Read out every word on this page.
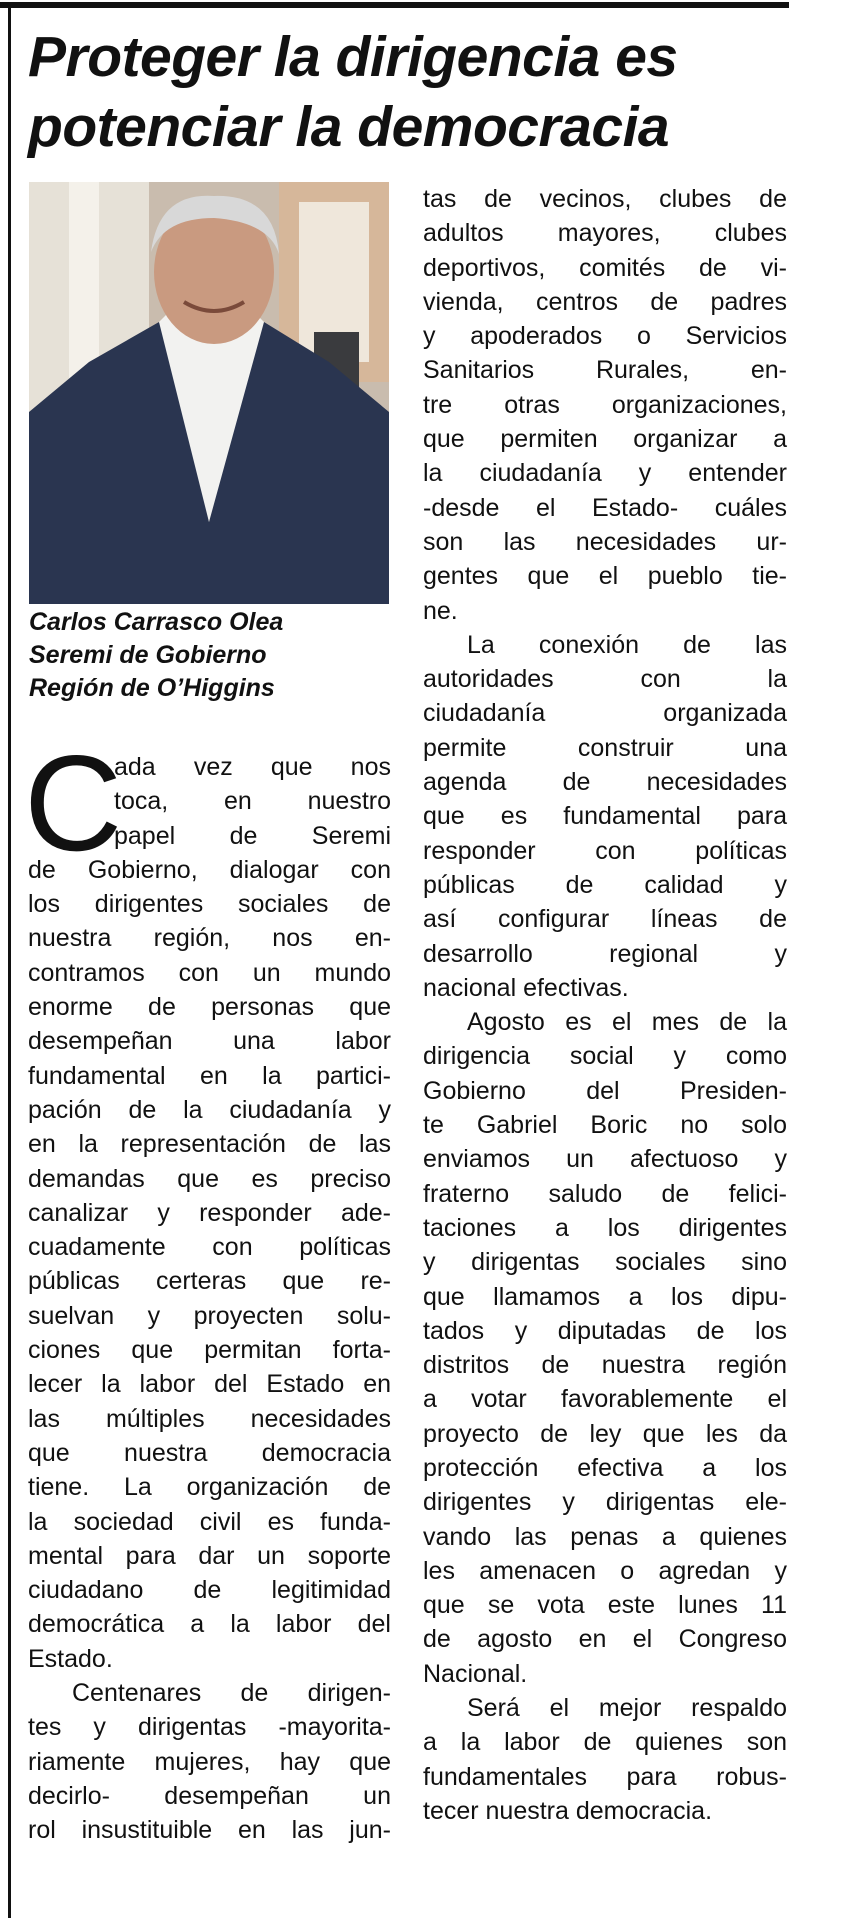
Proteger la dirigencia es
potenciar la democracia
Carlos Carrasco Olea
Seremi de Gobierno
Región de O’Higgins
C
ada vez que nos
toca, en nuestro
papel de Seremi
de Gobierno, dialogar con
los dirigentes sociales de
nuestra región, nos en-
contramos con un mundo
enorme de personas que
desempeñan una labor
fundamental en la partici-
pación de la ciudadanía y
en la representación de las
demandas que es preciso
canalizar y responder ade-
cuadamente con políticas
públicas certeras que re-
suelvan y proyecten solu-
ciones que permitan forta-
lecer la labor del Estado en
las múltiples necesidades
que nuestra democracia
tiene. La organización de
la sociedad civil es funda-
mental para dar un soporte
ciudadano de legitimidad
democrática a la labor del
Estado.
Centenares de dirigen-
tes y dirigentas -mayorita-
riamente mujeres, hay que
decirlo- desempeñan un
rol insustituible en las jun-
tas de vecinos, clubes de
adultos mayores, clubes
deportivos, comités de vi-
vienda, centros de padres
y apoderados o Servicios
Sanitarios Rurales, en-
tre otras organizaciones,
que permiten organizar a
la ciudadanía y entender
-desde el Estado- cuáles
son las necesidades ur-
gentes que el pueblo tie-
ne.
La conexión de las
autoridades con la
ciudadanía organizada
permite construir una
agenda de necesidades
que es fundamental para
responder con políticas
públicas de calidad y
así configurar líneas de
desarrollo regional y
nacional efectivas.
Agosto es el mes de la
dirigencia social y como
Gobierno del Presiden-
te Gabriel Boric no solo
enviamos un afectuoso y
fraterno saludo de felici-
taciones a los dirigentes
y dirigentas sociales sino
que llamamos a los dipu-
tados y diputadas de los
distritos de nuestra región
a votar favorablemente el
proyecto de ley que les da
protección efectiva a los
dirigentes y dirigentas ele-
vando las penas a quienes
les amenacen o agredan y
que se vota este lunes 11
de agosto en el Congreso
Nacional.
Será el mejor respaldo
a la labor de quienes son
fundamentales para robus-
tecer nuestra democracia.
